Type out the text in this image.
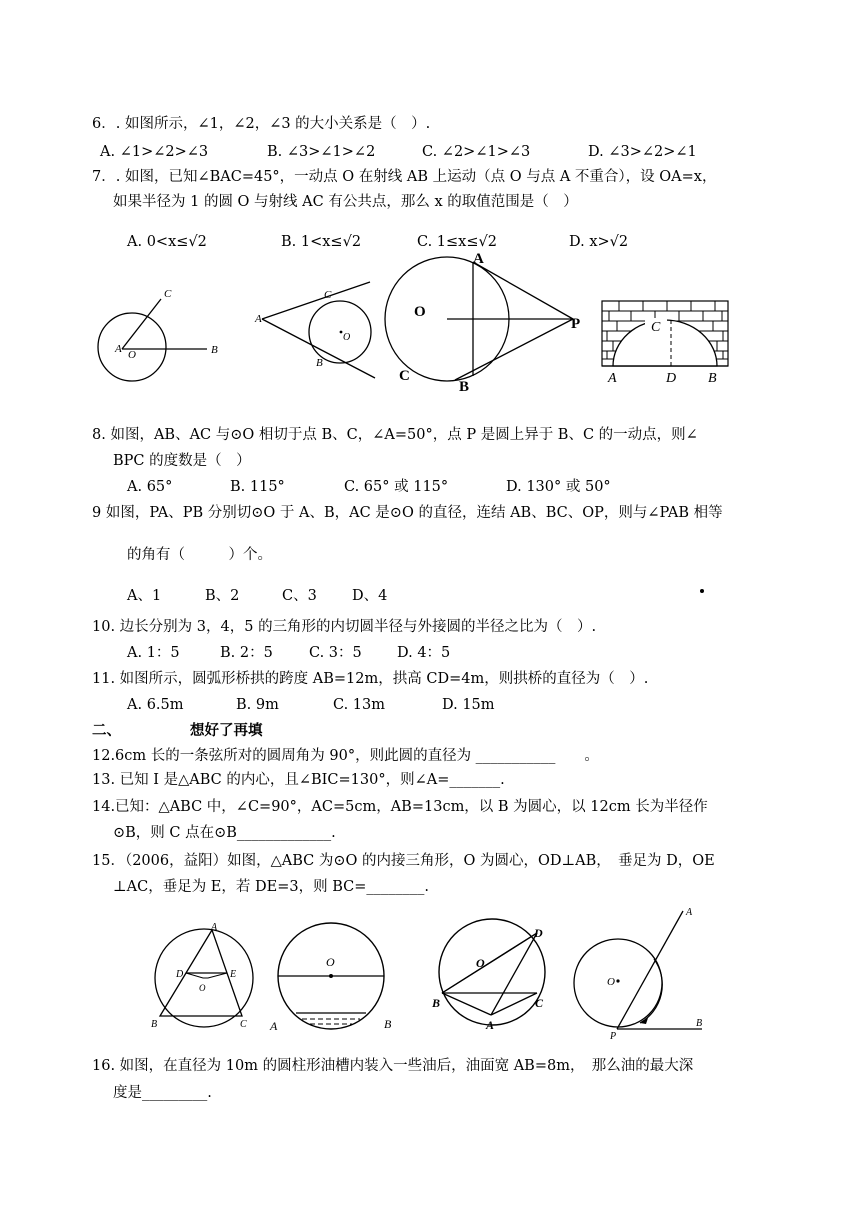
6．. 如图所示，∠1，∠2，∠3 的大小关系是（　）.
A. ∠1>∠2>∠3	B. ∠3>∠1>∠2	C. ∠2>∠1>∠3	D. ∠3>∠2>∠1
7．. 如图，已知∠BAC=45°，一动点 O 在射线 AB 上运动（点 O 与点 A 不重合），设 OA=x，
如果半径为 1 的圆 O 与射线 AC 有公共点，那么 x 的取值范围是（　）
A. 0<x≤√2	B. 1<x≤√2	C. 1≤x≤√2	D. x>√2
A O	B
C
A
C
O
B
A
O
P
C
B
C
A	D B
8. 如图，AB、AC 与⊙O 相切于点 B、C，∠A=50°，点 P 是圆上异于 B、C 的一动点，则∠
BPC 的度数是（　）
A. 65°	B. 115°	C. 65° 或 115°	D. 130° 或 50°
9 如图，PA、PB 分别切⊙O 于 A、B，AC 是⊙O 的直径，连结 AB、BC、OP，则与∠PAB 相等
的角有（　　　）个。
A、1	B、2	C、3 D、4
10. 边长分别为 3，4，5 的三角形的内切圆半径与外接圆的半径之比为（　）.
A. 1：5	B. 2：5 C. 3：5 D. 4：5
11. 如图所示，圆弧形桥拱的跨度 AB=12m，拱高 CD=4m，则拱桥的直径为（　）.
A. 6.5m	B. 9m	C. 13m	D. 15m
二、	想好了再填
12.6cm 长的一条弦所对的圆周角为 90°，则此圆的直径为 ___________　　。
13. 已知 I 是△ABC 的内心，且∠BIC=130°，则∠A=_______.
14.已知：△ABC 中，∠C=90°，AC=5cm，AB=13cm，以 B 为圆心，以 12cm 长为半径作
⊙B，则 C 点在⊙B_____________.
15．（2006，益阳）如图，△ABC 为⊙O 的内接三角形，O 为圆心，OD⊥AB，　垂足为 D，OE
⊥AC，垂足为 E，若 DE=3，则 BC=________.
A
D	E
O
B	C
O
A	B
D
O
B	C
A
A
O
P
B
16. 如图，在直径为 10m 的圆柱形油槽内装入一些油后，油面宽 AB=8m，　那么油的最大深
度是_________.
